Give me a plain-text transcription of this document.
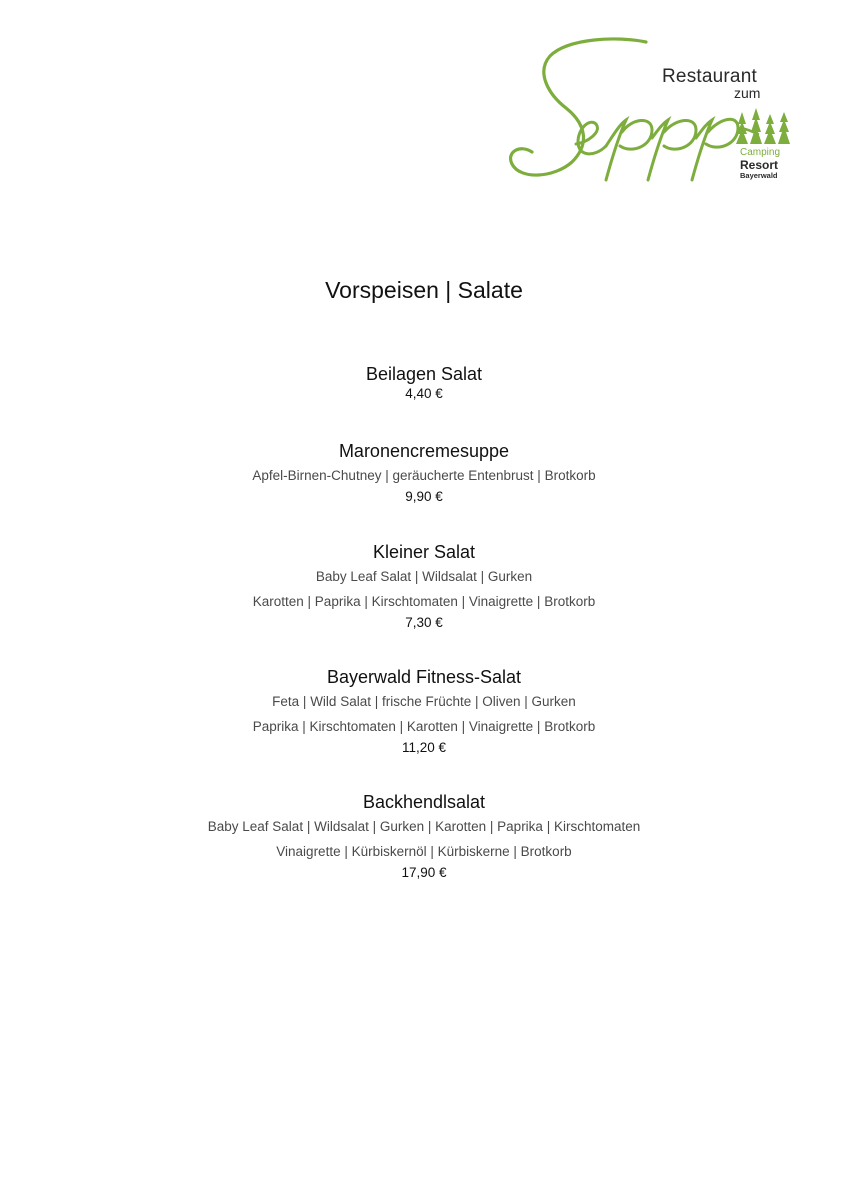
Restaurant
zum
Camping
Resort
Bayerwald
Vorspeisen | Salate
Beilagen Salat
4,40 €
Maronencremesuppe
Apfel-Birnen-Chutney | geräucherte Entenbrust | Brotkorb
9,90 €
Kleiner Salat
Baby Leaf Salat | Wildsalat | Gurken
Karotten | Paprika | Kirschtomaten | Vinaigrette | Brotkorb
7,30 €
Bayerwald Fitness-Salat
Feta | Wild Salat | frische Früchte | Oliven | Gurken
Paprika | Kirschtomaten | Karotten | Vinaigrette | Brotkorb
11,20 €
Backhendlsalat
Baby Leaf Salat | Wildsalat | Gurken | Karotten | Paprika | Kirschtomaten
Vinaigrette | Kürbiskernöl | Kürbiskerne | Brotkorb
17,90 €
